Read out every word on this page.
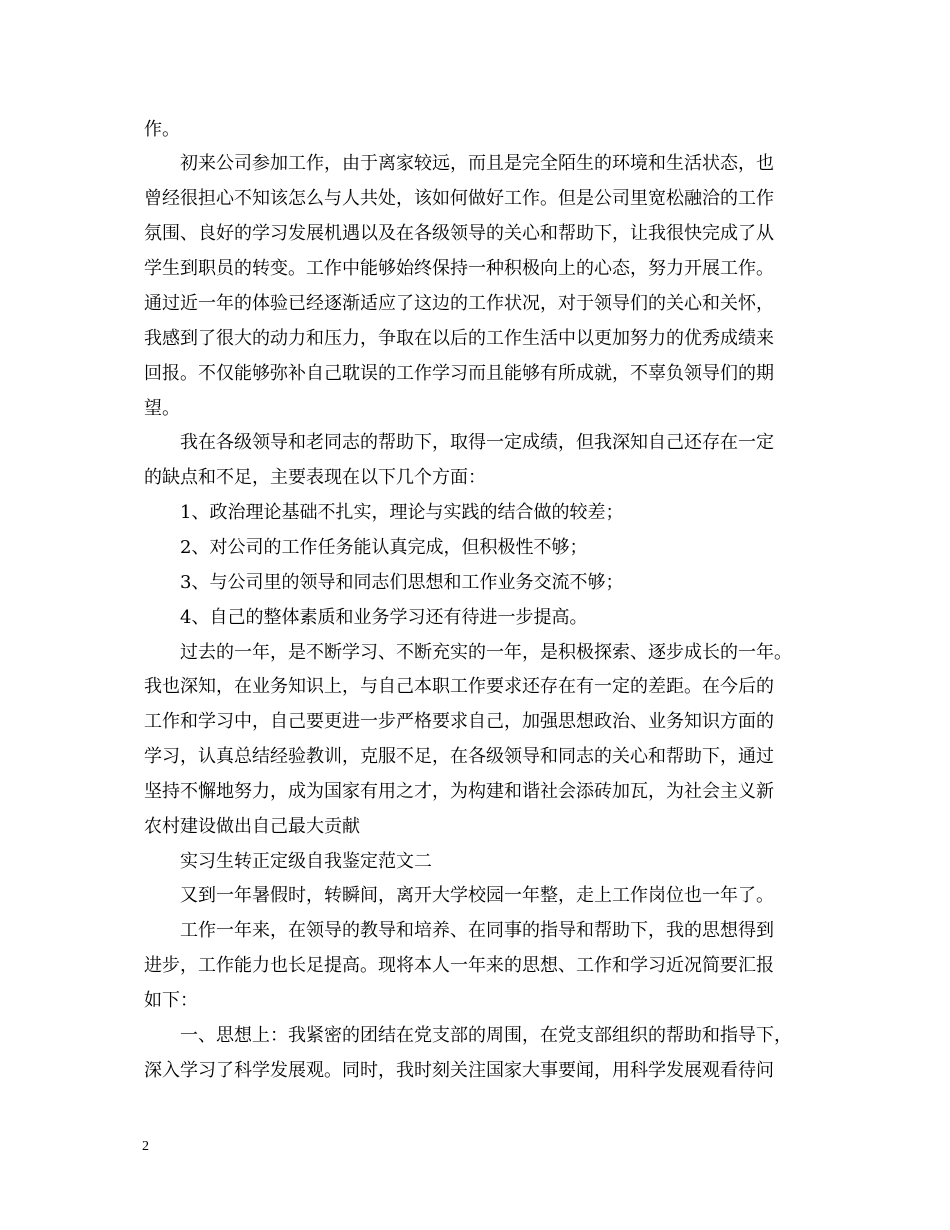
作。
初来公司参加工作，由于离家较远，而且是完全陌生的环境和生活状态，也
曾经很担心不知该怎么与人共处，该如何做好工作。但是公司里宽松融洽的工作
氛围、良好的学习发展机遇以及在各级领导的关心和帮助下，让我很快完成了从
学生到职员的转变。工作中能够始终保持一种积极向上的心态，努力开展工作。
通过近一年的体验已经逐渐适应了这边的工作状况，对于领导们的关心和关怀，
我感到了很大的动力和压力，争取在以后的工作生活中以更加努力的优秀成绩来
回报。不仅能够弥补自己耽误的工作学习而且能够有所成就，不辜负领导们的期
望。
我在各级领导和老同志的帮助下，取得一定成绩，但我深知自己还存在一定
的缺点和不足，主要表现在以下几个方面：
1、政治理论基础不扎实，理论与实践的结合做的较差；
2、对公司的工作任务能认真完成，但积极性不够；
3、与公司里的领导和同志们思想和工作业务交流不够；
4、自己的整体素质和业务学习还有待进一步提高。
过去的一年，是不断学习、不断充实的一年，是积极探索、逐步成长的一年。
我也深知，在业务知识上，与自己本职工作要求还存在有一定的差距。在今后的
工作和学习中，自己要更进一步严格要求自己，加强思想政治、业务知识方面的
学习，认真总结经验教训，克服不足，在各级领导和同志的关心和帮助下，通过
坚持不懈地努力，成为国家有用之才，为构建和谐社会添砖加瓦，为社会主义新
农村建设做出自己最大贡献
实习生转正定级自我鉴定范文二
又到一年暑假时，转瞬间，离开大学校园一年整，走上工作岗位也一年了。
工作一年来，在领导的教导和培养、在同事的指导和帮助下，我的思想得到
进步，工作能力也长足提高。现将本人一年来的思想、工作和学习近况简要汇报
如下：
一、思想上：我紧密的团结在党支部的周围，在党支部组织的帮助和指导下，
深入学习了科学发展观。同时，我时刻关注国家大事要闻，用科学发展观看待问
2
